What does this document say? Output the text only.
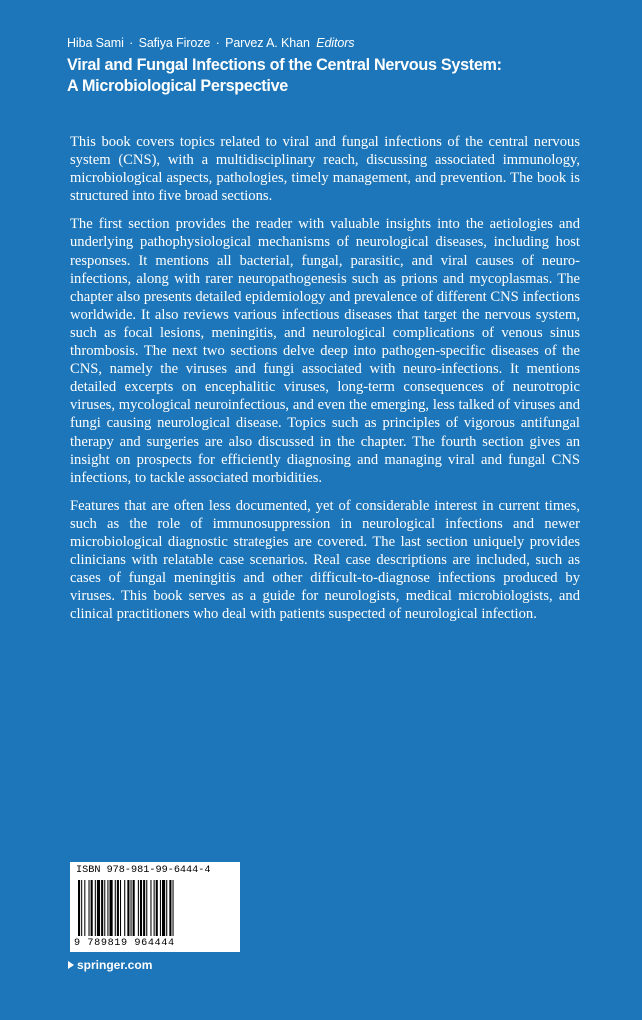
Hiba Sami · Safiya Firoze · Parvez A. Khan Editors
Viral and Fungal Infections of the Central Nervous System:
A Microbiological Perspective

This book covers topics related to viral and fungal infections of the central nervous system (CNS), with a multidisciplinary reach, discussing associated immunology, microbiological aspects, pathologies, timely management, and prevention. The book is structured into five broad sections.

The first section provides the reader with valuable insights into the aetiologies and underlying pathophysiological mechanisms of neurological diseases, including host responses. It mentions all bacterial, fungal, parasitic, and viral causes of neuro-infections, along with rarer neuropathogenesis such as prions and mycoplasmas. The chapter also presents detailed epidemiology and prevalence of different CNS infections worldwide. It also reviews various infectious diseases that target the nervous system, such as focal lesions, meningitis, and neurological complications of venous sinus thrombosis. The next two sections delve deep into pathogen-specific diseases of the CNS, namely the viruses and fungi associated with neuro-infections. It mentions detailed excerpts on encephalitic viruses, long-term consequences of neurotropic viruses, mycological neuroinfectious, and even the emerging, less talked of viruses and fungi causing neurological disease. Topics such as principles of vigorous antifungal therapy and surgeries are also discussed in the chapter. The fourth section gives an insight on prospects for efficiently diagnosing and managing viral and fungal CNS infections, to tackle associated morbidities.

Features that are often less documented, yet of considerable interest in current times, such as the role of immunosuppression in neurological infections and newer microbiological diagnostic strategies are covered. The last section uniquely provides clinicians with relatable case scenarios. Real case descriptions are included, such as cases of fungal meningitis and other difficult-to-diagnose infections produced by viruses. This book serves as a guide for neurologists, medical microbiologists, and clinical practitioners who deal with patients suspected of neurological infection.

ISBN 978-981-99-6444-4
9 789819 964444
springer.com
